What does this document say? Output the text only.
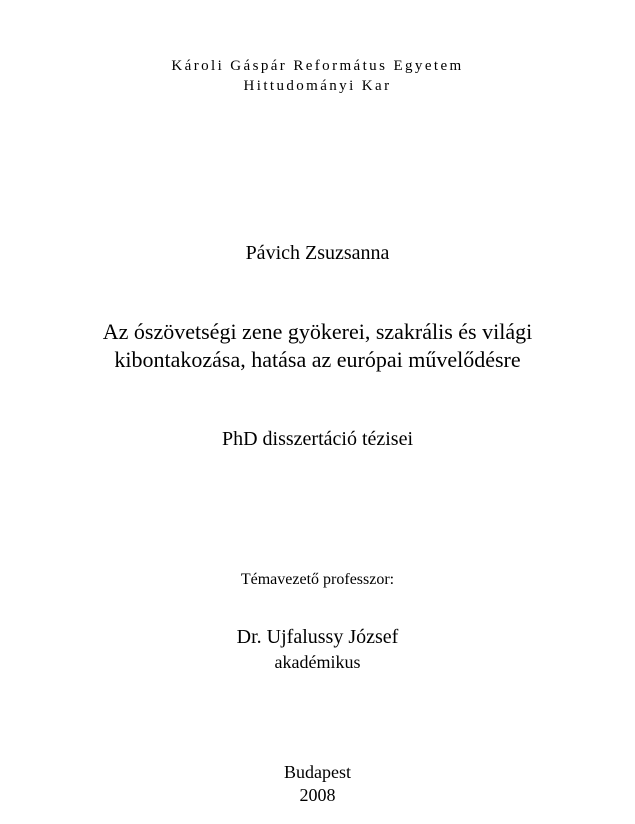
Károli Gáspár Református Egyetem
Hittudományi Kar
Pávich Zsuzsanna
Az ószövetségi zene gyökerei, szakrális és világi
kibontakozása, hatása az európai művelődésre
PhD disszertáció tézisei
Témavezető professzor:
Dr. Ujfalussy József
akadémikus
Budapest
2008
